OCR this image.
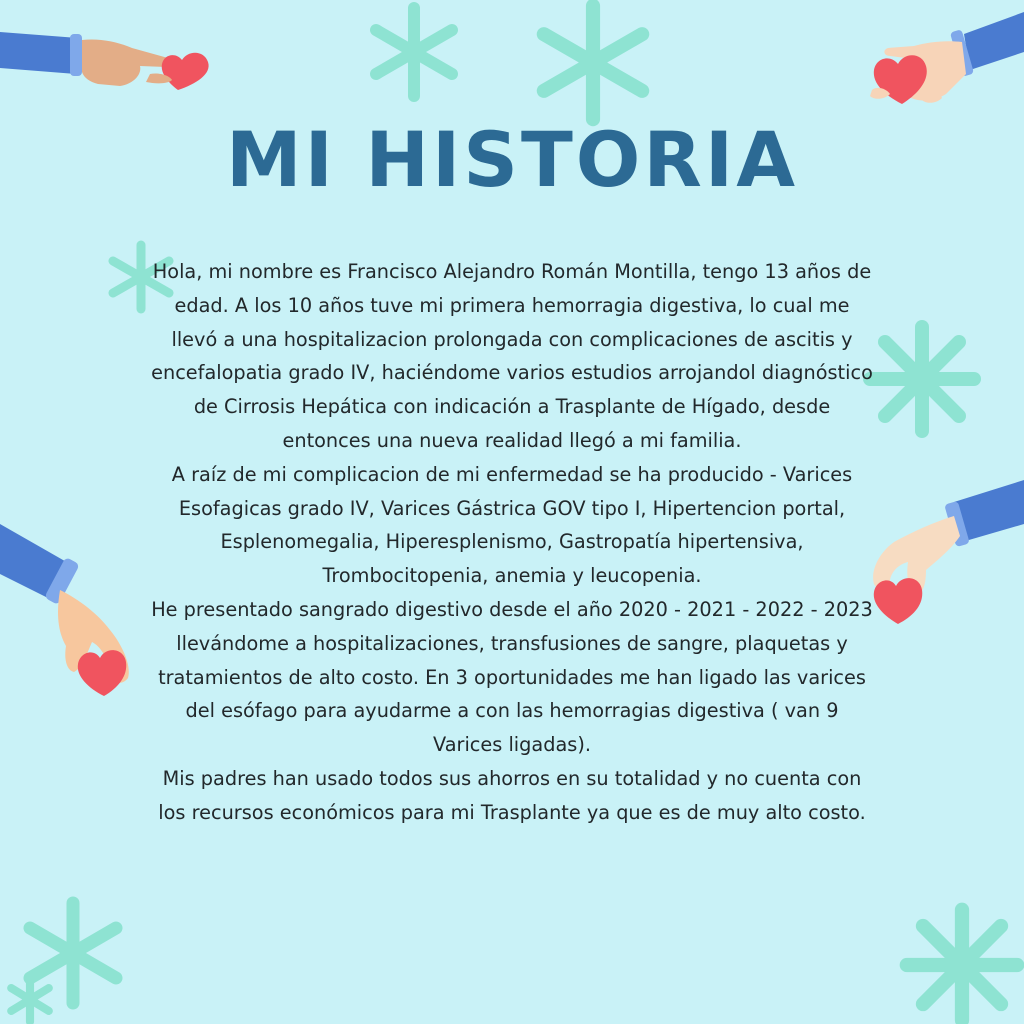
MI HISTORIA

Hola, mi nombre es Francisco Alejandro Román Montilla, tengo 13 años de edad. A los 10 años tuve mi primera hemorragia digestiva, lo cual me llevó a una hospitalizacion prolongada con complicaciones de ascitis y encefalopatia grado IV, haciéndome varios estudios arrojandol diagnóstico de Cirrosis Hepática con indicación a Trasplante de Hígado, desde entonces una nueva realidad llegó a mi familia.

A raíz de mi complicacion de mi enfermedad se ha producido - Varices Esofagicas grado IV, Varices Gástrica GOV tipo I, Hipertencion portal, Esplenomegalia, Hiperesplenismo, Gastropatía hipertensiva, Trombocitopenia, anemia y leucopenia.

He presentado sangrado digestivo desde el año 2020 - 2021 - 2022 - 2023 llevándome a hospitalizaciones, transfusiones de sangre, plaquetas y tratamientos de alto costo. En 3 oportunidades me han ligado las varices del esófago para ayudarme a con las hemorragias digestiva ( van 9 Varices ligadas).

Mis padres han usado todos sus ahorros en su totalidad y no cuenta con los recursos económicos para mi Trasplante ya que es de muy alto costo.
